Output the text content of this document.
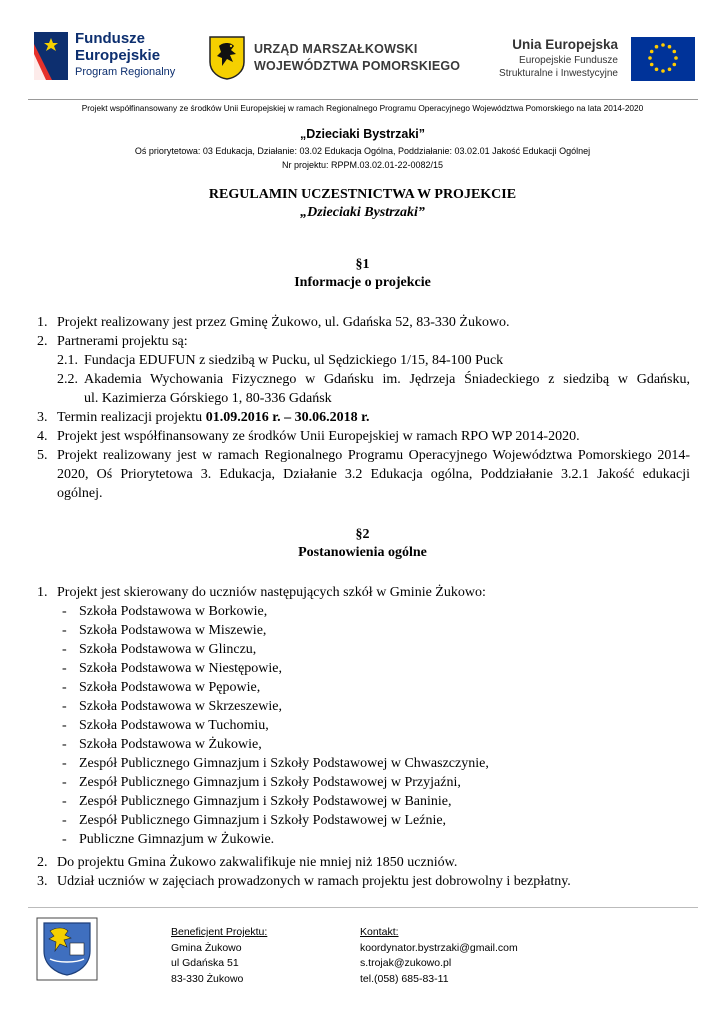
Fundusze
Europejskie
Program Regionalny
URZĄD MARSZAŁKOWSKI
WOJEWÓDZTWA POMORSKIEGO
Unia Europejska
Europejskie Fundusze
Strukturalne i Inwestycyjne
Projekt współfinansowany ze środków Unii Europejskiej w ramach Regionalnego Programu Operacyjnego Województwa Pomorskiego na lata 2014-2020
„Dzieciaki Bystrzaki”
Oś priorytetowa: 03 Edukacja, Działanie: 03.02 Edukacja Ogólna, Poddziałanie: 03.02.01 Jakość Edukacji Ogólnej
Nr projektu: RPPM.03.02.01-22-0082/15
REGULAMIN UCZESTNICTWA W PROJEKCIE
„Dzieciaki Bystrzaki”
§1
Informacje o projekcie
1. Projekt realizowany jest przez Gminę Żukowo, ul. Gdańska 52, 83-330 Żukowo.
2. Partnerami projektu są:
2.1. Fundacja EDUFUN z siedzibą w Pucku, ul Sędzickiego 1/15, 84-100 Puck
2.2. Akademia Wychowania Fizycznego w Gdańsku im. Jędrzeja Śniadeckiego z siedzibą w Gdańsku,
ul. Kazimierza Górskiego 1, 80-336 Gdańsk
3. Termin realizacji projektu 01.09.2016 r. – 30.06.2018 r.
4. Projekt jest współfinansowany ze środków Unii Europejskiej w ramach RPO WP 2014-2020.
5. Projekt realizowany jest w ramach Regionalnego Programu Operacyjnego Województwa Pomorskiego 2014-
2020, Oś Priorytetowa 3. Edukacja, Działanie 3.2 Edukacja ogólna, Poddziałanie 3.2.1 Jakość edukacji
ogólnej.
§2
Postanowienia ogólne
1. Projekt jest skierowany do uczniów następujących szkół w Gminie Żukowo:
- Szkoła Podstawowa w Borkowie,
- Szkoła Podstawowa w Miszewie,
- Szkoła Podstawowa w Glinczu,
- Szkoła Podstawowa w Niestępowie,
- Szkoła Podstawowa w Pępowie,
- Szkoła Podstawowa w Skrzeszewie,
- Szkoła Podstawowa w Tuchomiu,
- Szkoła Podstawowa w Żukowie,
- Zespół Publicznego Gimnazjum i Szkoły Podstawowej w Chwaszczynie,
- Zespół Publicznego Gimnazjum i Szkoły Podstawowej w Przyjaźni,
- Zespół Publicznego Gimnazjum i Szkoły Podstawowej w Baninie,
- Zespół Publicznego Gimnazjum i Szkoły Podstawowej w Leźnie,
- Publiczne Gimnazjum w Żukowie.
2. Do projektu Gmina Żukowo zakwalifikuje nie mniej niż 1850 uczniów.
3. Udział uczniów w zajęciach prowadzonych w ramach projektu jest dobrowolny i bezpłatny.
Beneficjent Projektu:
Gmina Żukowo
ul Gdańska 51
83-330 Żukowo
Kontakt:
koordynator.bystrzaki@gmail.com
s.trojak@zukowo.pl
tel.(058) 685-83-11
